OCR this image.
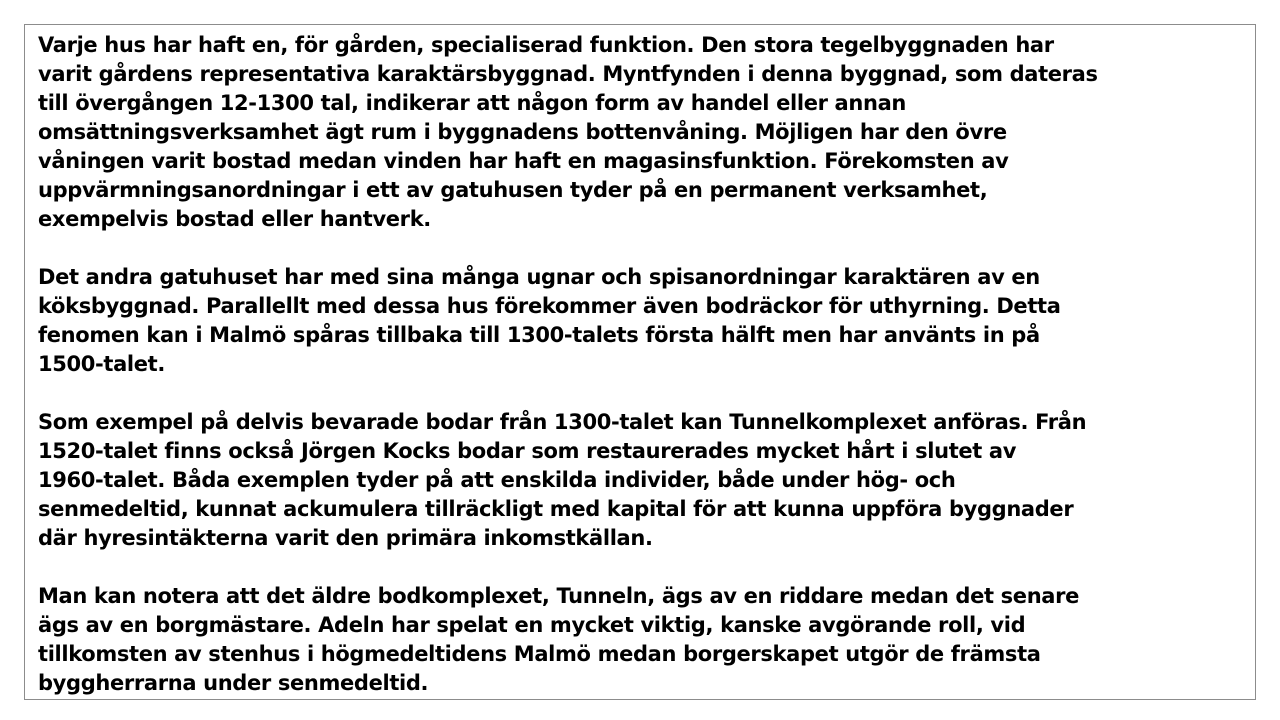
Varje hus har haft en, för gården, specialiserad funktion. Den stora tegelbyggnaden har
varit gårdens representativa karaktärsbyggnad. Myntfynden i denna byggnad, som dateras
till övergången 12-1300 tal, indikerar att någon form av handel eller annan
omsättningsverksamhet ägt rum i byggnadens bottenvåning. Möjligen har den övre
våningen varit bostad medan vinden har haft en magasinsfunktion. Förekomsten av
uppvärmningsanordningar i ett av gatuhusen tyder på en permanent verksamhet,
exempelvis bostad eller hantverk.

Det andra gatuhuset har med sina många ugnar och spisanordningar karaktären av en
köksbyggnad. Parallellt med dessa hus förekommer även bodräckor för uthyrning. Detta
fenomen kan i Malmö spåras tillbaka till 1300-talets första hälft men har använts in på
1500-talet.

Som exempel på delvis bevarade bodar från 1300-talet kan Tunnelkomplexet anföras. Från
1520-talet finns också Jörgen Kocks bodar som restaurerades mycket hårt i slutet av
1960-talet. Båda exemplen tyder på att enskilda individer, både under hög- och
senmedeltid, kunnat ackumulera tillräckligt med kapital för att kunna uppföra byggnader
där hyresintäkterna varit den primära inkomstkällan.

Man kan notera att det äldre bodkomplexet, Tunneln, ägs av en riddare medan det senare
ägs av en borgmästare. Adeln har spelat en mycket viktig, kanske avgörande roll, vid
tillkomsten av stenhus i högmedeltidens Malmö medan borgerskapet utgör de främsta
byggherrarna under senmedeltid.
